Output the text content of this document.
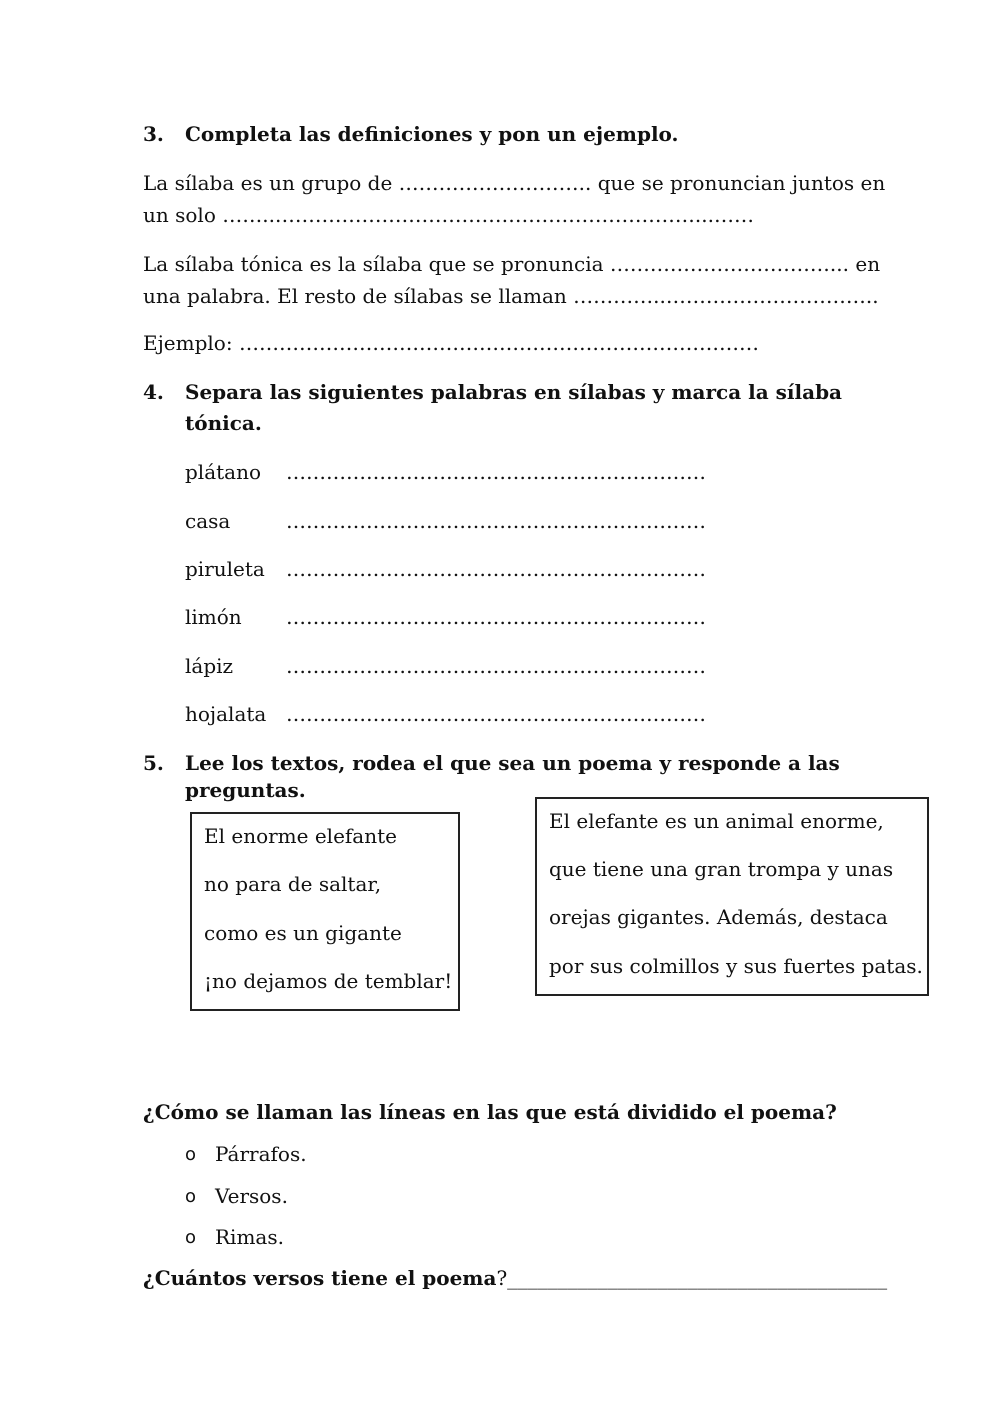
3. Completa las definiciones y pon un ejemplo.
La sílaba es un grupo de ……………………….. que se pronuncian juntos en
un solo ……..………………………………………………………...……
La sílaba tónica es la sílaba que se pronuncia ……………………………... en
una palabra. El resto de sílabas se llaman …………..…………………………..
Ejemplo: ……………………………………………………………………
4. Separa las siguientes palabras en sílabas y marca la sílaba
tónica.
plátano ………………………………………………………
casa	………………………………………………………
piruleta ………………………………………………………
limón ………………………………………………………
lápiz	………………………………………………………
hojalata ………………………………………………………
5. Lee los textos, rodea el que sea un poema y responde a las
preguntas.
El enorme elefante
no para de saltar,
como es un gigante
¡no dejamos de temblar!
El elefante es un animal enorme,
que tiene una gran trompa y unas
orejas gigantes. Además, destaca
por sus colmillos y sus fuertes patas.
¿Cómo se llaman las líneas en las que está dividido el poema?
o Párrafos.
o Versos.
o Rimas.
¿Cuántos versos tiene el poema?______________________________________
